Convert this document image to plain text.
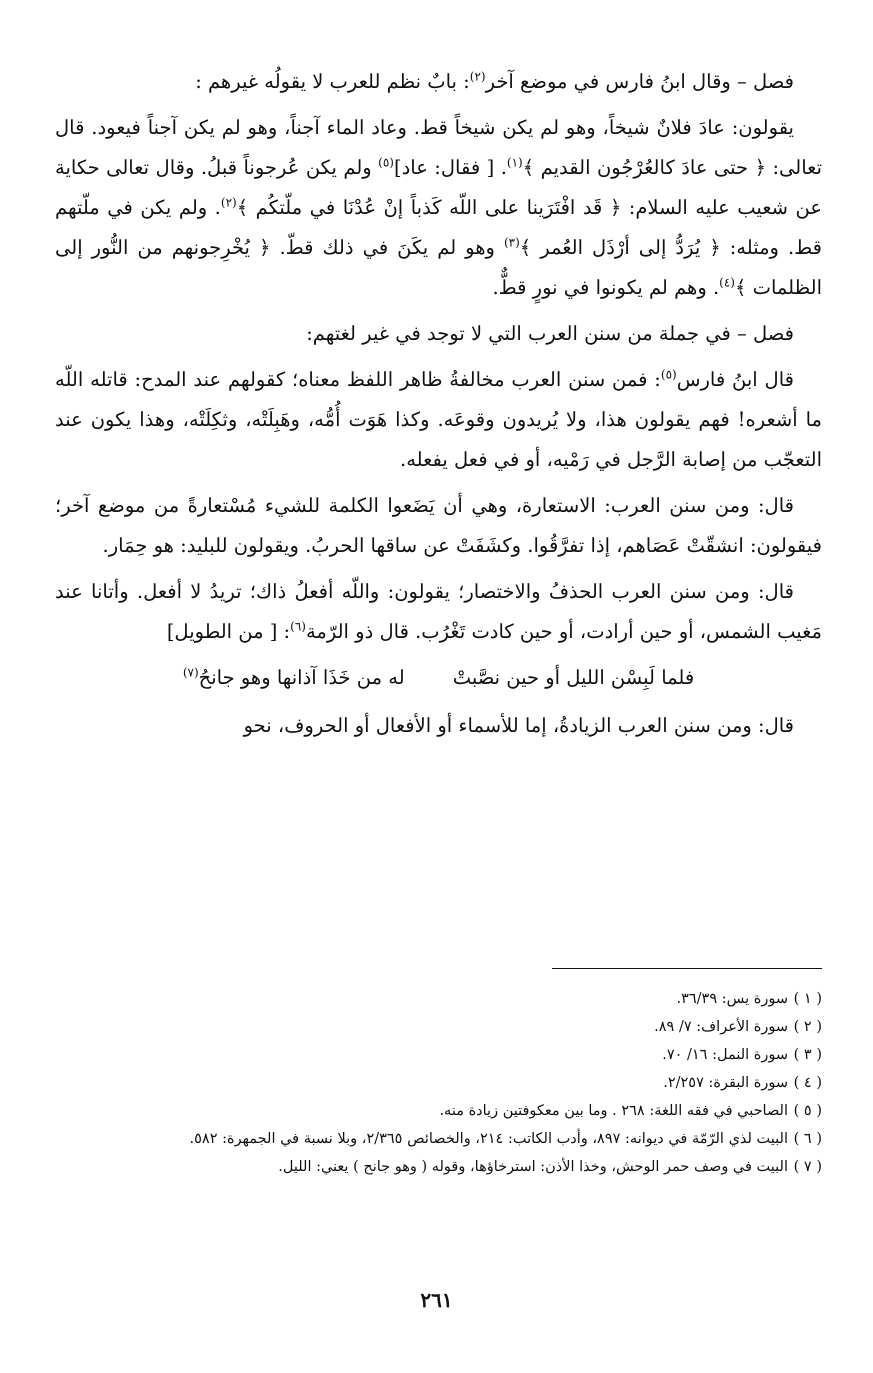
فصل – وقال ابنُ فارس في موضع آخر$^{(٢)}$: بابٌ نظم للعرب لا يقولُه غيرهم :

يقولون: عادَ فلانٌ شيخاً، وهو لم يكن شيخاً قط. وعاد الماء آجناً، وهو لم يكن آجناً فيعود. قال تعالى: ﴿ حتى عادَ كالعُرْجُون القديم ﴾$^{(١)}$. [ فقال: عاد]$^{(٥)}$ ولم يكن عُرجوناً قبلُ. وقال تعالى حكاية عن شعيب عليه السلام: ﴿ قَد افْتَرَينا على اللّه كَذباً إنْ عُدْنَا في ملّتكُم ﴾$^{(٢)}$. ولم يكن في ملّتهم قط. ومثله: ﴿ يُرَدُّ إلى أرْذَل العُمر ﴾$^{(٣)}$ وهو لم يكَنَ في ذلك قطّ. ﴿ يُخْرِجونهم من النُّور إلى الظلمات ﴾$^{(٤)}$. وهم لم يكونوا في نورٍ قطٌّ.

فصل – في جملة من سنن العرب التي لا توجد في غير لغتهم:

قال ابنُ فارس$^{(٥)}$: فمن سنن العرب مخالفةُ ظاهر اللفظ معناه؛ كقولهم عند المدح: قاتله اللّه ما أشعره! فهم يقولون هذا، ولا يُريدون وقوعَه. وكذا هَوَت أُمُّه، وهَبِلَتْه، وثكِلَتْه، وهذا يكون عند التعجّب من إصابة الرَّجل في رَمْيه، أو في فعل يفعله.

قال: ومن سنن العرب: الاستعارة، وهي أن يَضَعوا الكلمة للشيء مُسْتعارةً من موضع آخر؛ فيقولون: انشقّتْ عَصَاهم، إذا تفرَّقُوا. وكشَفَتْ عن ساقها الحربُ. ويقولون للبليد: هو حِمَار.

قال: ومن سنن العرب الحذفُ والاختصار؛ يقولون: واللّه أفعلُ ذاك؛ تريدُ لا أفعل. وأتانا عند مَغيب الشمس، أو حين أرادت، أو حين كادت تَغْرُب. قال ذو الرّمة$^{(٦)}$: [ من الطويل]

فلما لَبِسْن الليل أو حين نصَّبتْ
له من خَذَا آذانها وهو جانحُ$^{(٧)}$

قال: ومن سنن العرب الزيادةُ، إما للأسماء أو الأفعال أو الحروف، نحو

( ١ )
سورة يس: ٣٦/٣٩.
( ٢ )
سورة الأعراف: ٧/ ٨٩.
( ٣ )
سورة النمل: ١٦/ ٧٠.
( ٤ )
سورة البقرة: ٢/٢٥٧.
( ٥ )
الصاحبي في فقه اللغة: ٢٦٨ . وما بين معكوفتين زيادة منه.
( ٦ )
البيت لذي الرّمّة في ديوانه: ٨٩٧، وأدب الكاتب: ٢١٤، والخصائص ٢/٣٦٥، وبلا نسبة في الجمهرة: ٥٨٢.
( ٧ )
البيت في وصف حمر الوحش، وخذا الأذن: استرخاؤها، وقوله ( وهو جانح ) يعني: الليل.
٢٦١
